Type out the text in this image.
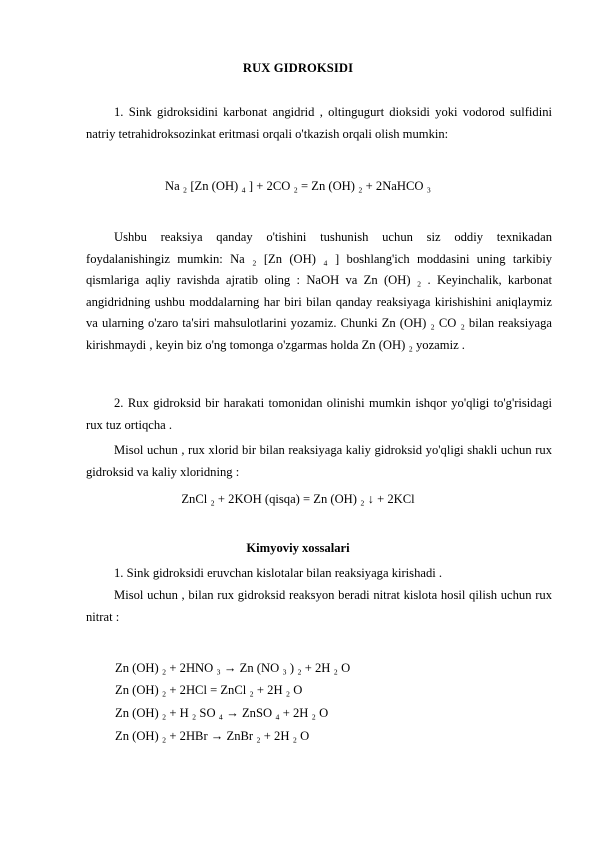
RUX GIDROKSIDI
1. Sink gidroksidini karbonat angidrid , oltingugurt dioksidi yoki vodorod sulfidini natriy tetrahidroksozinkat eritmasi orqali o'tkazish orqali olish mumkin:
Na ₂ [Zn (OH) ₄ ] + 2CO ₂ = Zn (OH) ₂ + 2NaHCO ₃
Ushbu reaksiya qanday o'tishini tushunish uchun siz oddiy texnikadan foydalanishingiz mumkin: Na ₂ [Zn (OH) ₄ ] boshlang'ich moddasini uning tarkibiy qismlariga aqliy ravishda ajratib oling : NaOH va Zn (OH) ₂ . Keyinchalik, karbonat angidridning ushbu moddalarning har biri bilan qanday reaksiyaga kirishishini aniqlaymiz va ularning o'zaro ta'siri mahsulotlarini yozamiz. Chunki Zn (OH) ₂ CO ₂ bilan reaksiyaga kirishmaydi , keyin biz o'ng tomonga o'zgarmas holda Zn (OH) ₂ yozamiz .
2. Rux gidroksid bir harakati tomonidan olinishi mumkin ishqor yo'qligi to'g'risidagi rux tuz ortiqcha .
Misol uchun , rux xlorid bir bilan reaksiyaga kaliy gidroksid yo'qligi shakli uchun rux gidroksid va kaliy xloridning :
ZnCl ₂ + 2KOH (qisqa) = Zn (OH) ₂ ↓ + 2KCl
Kimyoviy xossalari
1. Sink gidroksidi eruvchan kislotalar bilan reaksiyaga kirishadi .
Misol uchun , bilan rux gidroksid reaksyon beradi nitrat kislota hosil qilish uchun rux nitrat :
Zn (OH) ₂ + 2HNO ₃ → Zn (NO ₃ ) ₂ + 2H ₂ O
Zn (OH) ₂ + 2HCl = ZnCl ₂ + 2H ₂ O
Zn (OH) ₂ + H ₂ SO ₄ → ZnSO ₄ + 2H ₂ O
Zn (OH) ₂ + 2HBr → ZnBr ₂ + 2H ₂ O
